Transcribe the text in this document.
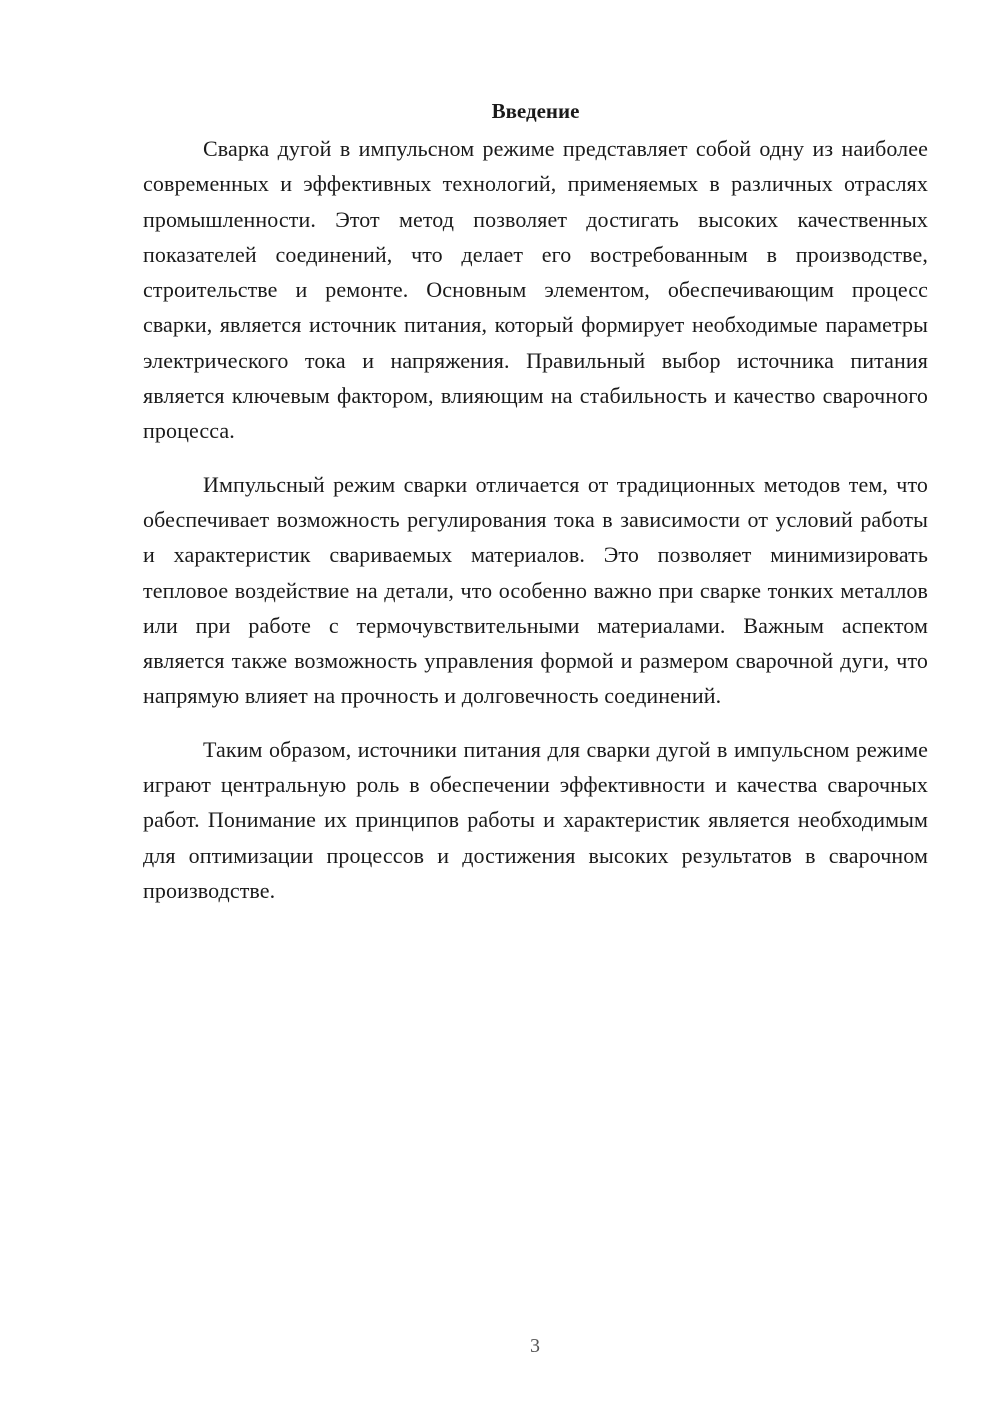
Введение

Сварка дугой в импульсном режиме представляет собой одну из наиболее современных и эффективных технологий, применяемых в различных отраслях промышленности. Этот метод позволяет достигать высоких качественных показателей соединений, что делает его востребованным в производстве, строительстве и ремонте. Основным элементом, обеспечивающим процесс сварки, является источник питания, который формирует необходимые параметры электрического тока и напряжения. Правильный выбор источника питания является ключевым фактором, влияющим на стабильность и качество сварочного процесса.

Импульсный режим сварки отличается от традиционных методов тем, что обеспечивает возможность регулирования тока в зависимости от условий работы и характеристик свариваемых материалов. Это позволяет минимизировать тепловое воздействие на детали, что особенно важно при сварке тонких металлов или при работе с термочувствительными материалами. Важным аспектом является также возможность управления формой и размером сварочной дуги, что напрямую влияет на прочность и долговечность соединений.

Таким образом, источники питания для сварки дугой в импульсном режиме играют центральную роль в обеспечении эффективности и качества сварочных работ. Понимание их принципов работы и характеристик является необходимым для оптимизации процессов и достижения высоких результатов в сварочном производстве.

3
